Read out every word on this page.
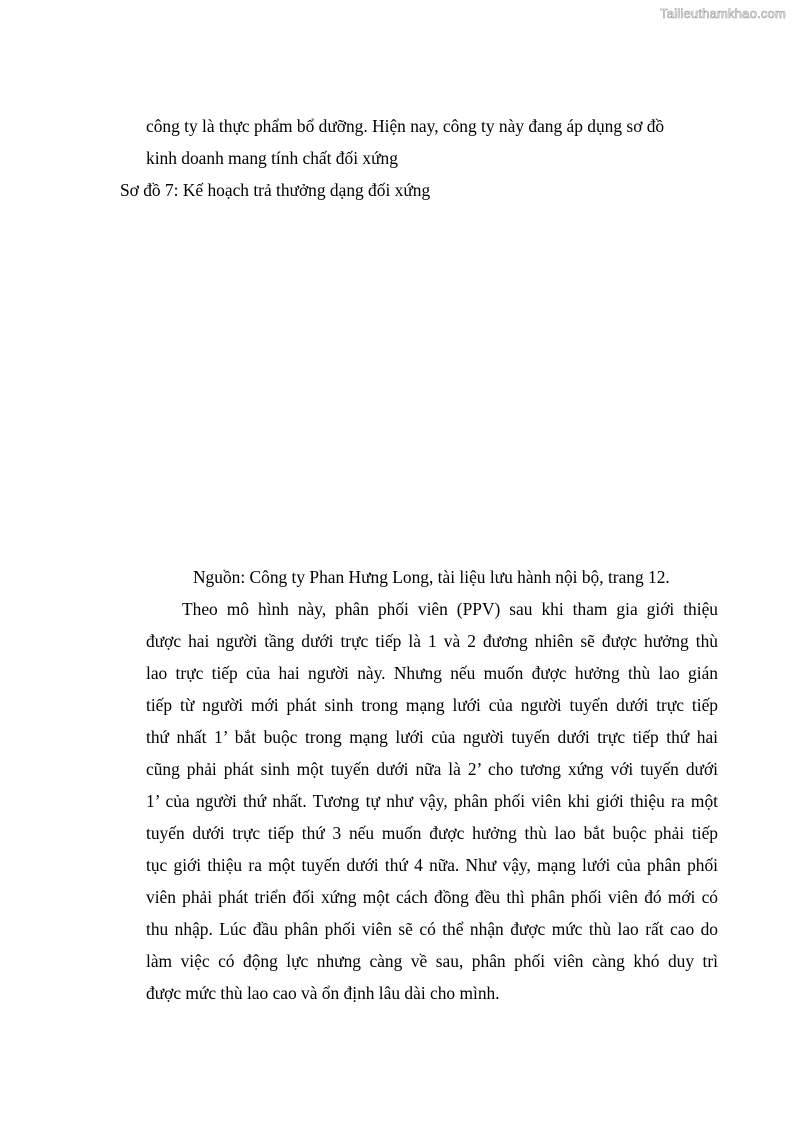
Tailieuthamkhao.com
công ty là thực phẩm bổ dưỡng. Hiện nay, công ty này đang áp dụng sơ đồ
kinh doanh mang tính chất đối xứng
Sơ đồ 7: Kế hoạch trả thưởng dạng đối xứng
Nguồn: Công ty Phan Hưng Long, tài liệu lưu hành nội bộ, trang 12.
Theo mô hình này, phân phối viên (PPV) sau khi tham gia giới thiệu
được hai người tầng dưới trực tiếp là 1 và 2 đương nhiên sẽ được hưởng thù
lao trực tiếp của hai người này. Nhưng nếu muốn được hưởng thù lao gián
tiếp từ người mới phát sinh trong mạng lưới của người tuyến dưới trực tiếp
thứ nhất 1’ bắt buộc trong mạng lưới của người tuyến dưới trực tiếp thứ hai
cũng phải phát sinh một tuyến dưới nữa là 2’ cho tương xứng với tuyến dưới
1’ của người thứ nhất. Tương tự như vậy, phân phối viên khi giới thiệu ra một
tuyến dưới trực tiếp thứ 3 nếu muốn được hưởng thù lao bắt buộc phải tiếp
tục giới thiệu ra một tuyến dưới thứ 4 nữa. Như vậy, mạng lưới của phân phối
viên phải phát triển đối xứng một cách đồng đều thì phân phối viên đó mới có
thu nhập. Lúc đầu phân phối viên sẽ có thể nhận được mức thù lao rất cao do
làm việc có động lực nhưng càng về sau, phân phối viên càng khó duy trì
được mức thù lao cao và ổn định lâu dài cho mình.
